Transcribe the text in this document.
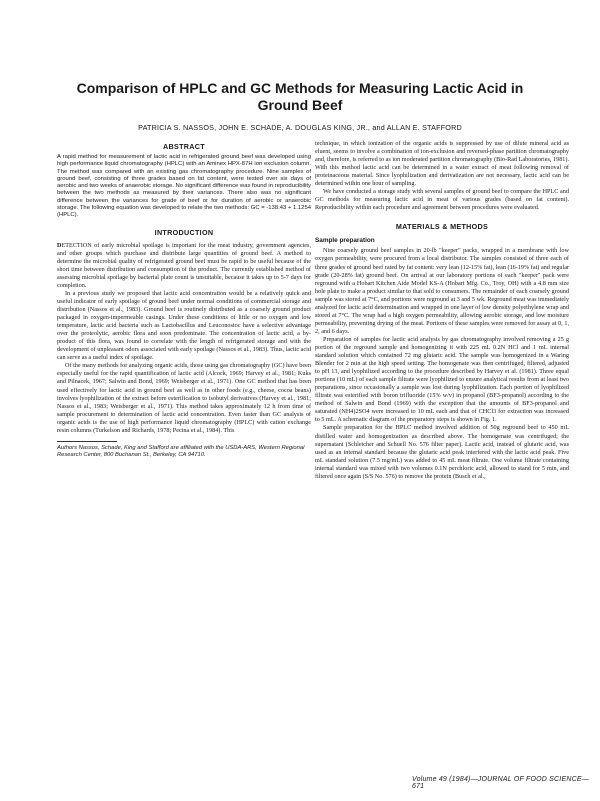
Comparison of HPLC and GC Methods for Measuring Lactic Acid in Ground Beef

PATRICIA S. NASSOS, JOHN E. SCHADE, A. DOUGLAS KING, JR., and ALLAN E. STAFFORD

ABSTRACT

A rapid method for measurement of lactic acid in refrigerated ground beef was developed using high performance liquid chromatography (HPLC) with an Aminex HPX-87H ion exclusion column. The method was compared with an existing gas chromatography procedure. Nine samples of ground beef, consisting of three grades based on fat content, were tested over six days of aerobic and two weeks of anaerobic storage. No significant difference was found in reproducibility between the two methods as measured by their variances. There also was no significant difference between the variances for grade of beef or for duration of aerobic or anaerobic storage. The following equation was developed to relate the two methods: GC = -138.43 + 1.1254 (HPLC).

INTRODUCTION

DETECTION of early microbial spoilage is important for the meat industry, government agencies, and other groups which purchase and distribute large quantities of ground beef. A method to determine the microbial quality of refrigerated ground beef must be rapid to be useful because of the short time between distribution and consumption of the product. The currently established method of assessing microbial spoilage by bacterial plate count is unsuitable, because it takes up to 5-7 days for completion.

In a previous study we proposed that lactic acid concentration would be a relatively quick and useful indicator of early spoilage of ground beef under normal conditions of commercial storage and distribution (Nassos et al., 1983). Ground beef is routinely distributed as a coarsely ground product packaged in oxygen-impermeable casings. Under these conditions of little or no oxygen and low temperature, lactic acid bacteria such as Lactobacillus and Leuconostoc have a selective advantage over the proteolytic, aerobic flora and soon predominate. The concentration of lactic acid, a by-product of this flora, was found to correlate with the length of refrigerated storage and with the development of unpleasant odors associated with early spoilage (Nassos et al., 1983). Thus, lactic acid can serve as a useful index of spoilage.

Of the many methods for analyzing organic acids, those using gas chromatography (GC) have been especially useful for the rapid quantification of lactic acid (Alcock, 1969; Harvey et al., 1981; Kuks and Pilnacek, 1967; Salwin and Bond, 1969; Weisberger et al., 1971). One GC method that has been used effectively for lactic acid in ground beef as well as in other foods (e.g., cheese, cocoa beans) involves lyophilization of the extract before esterification to isobutyl derivatives (Harvey et al., 1981; Nassos et al., 1983; Weisberger et al., 1971). This method takes approximately 12 h from time of sample procurement to determination of lactic acid concentration. Even faster than GC analysis of organic acids is the use of high performance liquid chromatography (HPLC) with cation exchange resin columns (Turkelson and Richards, 1978; Pecina et al., 1984). This

Authors Nassos, Schade, King and Stafford are affiliated with the USDA-ARS, Western Regional Research Center, 800 Buchanan St., Berkeley, CA 94710.

technique, in which ionization of the organic acids is suppressed by use of dilute mineral acid as eluent, seems to involve a combination of ion-exclusion and reversed-phase partition chromatography and, therefore, is referred to as ion moderated partition chromatography (Bio-Rad Laboratories, 1981). With this method lactic acid can be determined in a water extract of meat following removal of proteinaceous material. Since lyophilization and derivatization are not necessary, lactic acid can be determined within one hour of sampling.

We have conducted a storage study with several samples of ground beef to compare the HPLC and GC methods for measuring lactic acid in meat of various grades (based on fat content). Reproducibility within each procedure and agreement between procedures were evaluated.

MATERIALS & METHODS

Sample preparation

Nine coarsely ground beef samples in 20-lb "keeper" packs, wrapped in a membrane with low oxygen permeability, were procured from a local distributor. The samples consisted of three each of three grades of ground beef rated by fat content: very lean (12-15% fat), lean (16-19% fat) and regular grade (20-28% fat) ground beef. On arrival at our laboratory portions of each "keeper" pack were reground with a Hobart Kitchen Aide Model KS-A (Hobart Mfg. Co., Troy, OH) with a 4.8 mm size hole plate to make a product similar to that sold to consumers. The remainder of each coarsely ground sample was stored at 7°C, and portions were reground at 3 and 5 wk. Reground meat was immediately analyzed for lactic acid determination and wrapped in one layer of low density polyethylene wrap and stored at 7°C. The wrap had a high oxygen permeability, allowing aerobic storage, and low moisture permeability, preventing drying of the meat. Portions of these samples were removed for assay at 0, 1, 2, and 6 days.

Preparation of samples for lactic acid analysis by gas chromatography involved removing a 25 g portion of the reground sample and homogenizing it with 225 mL 0.2N HCl and 1 mL internal standard solution which contained 72 mg glutaric acid. The sample was homogenized in a Waring Blender for 2 min at the high speed setting. The homogenate was then centrifuged, filtered, adjusted to pH 13, and lyophilized according to the procedure described by Harvey et al. (1981). Three equal portions (10 mL) of each sample filtrate were lyophilized to ensure analytical results from at least two preparations, since occasionally a sample was lost during lyophilization. Each portion of lyophilized filtrate was esterified with boron trifluoride (15% w/v) in propanol (BF3-propanol) according to the method of Salwin and Bond (1969) with the exception that the amounts of BF3-propanol and saturated (NH4)2SO4 were increased to 10 mL each and that of CHCl3 for extraction was increased to 5 mL. A schematic diagram of the preparatory steps is shown in Fig. 1.

Sample preparation for the HPLC method involved addition of 50g reground beef to 450 mL distilled water and homogenization as described above. The homogenate was centrifuged; the supernatant (Schleicher and Schuell No. 576 filter paper). Lactic acid, instead of glutaric acid, was used as an internal standard because the glutaric acid peak interfered with the lactic acid peak. Five mL standard solution (7.5 mg/mL) was added to 45 mL meat filtrate. One volume filtrate containing internal standard was mixed with two volumes 0.1N perchloric acid, allowed to stand for 5 min, and filtered once again (S/S No. 576) to remove the protein (Busch et al.,

Volume 49 (1984)—JOURNAL OF FOOD SCIENCE—671
